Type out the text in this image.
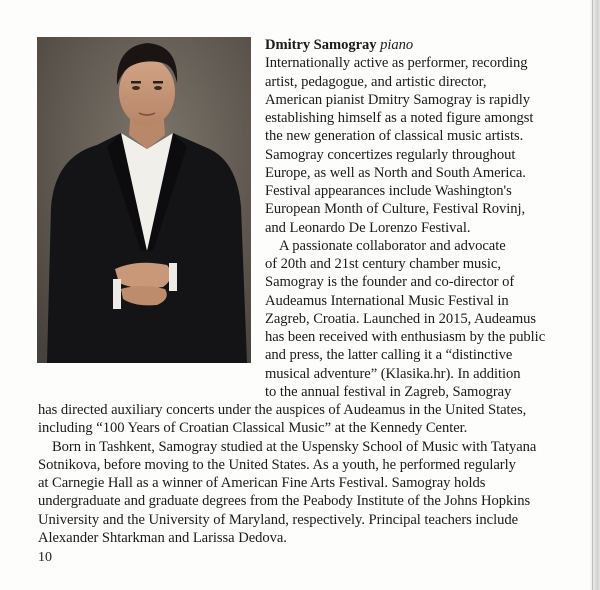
Dmitry Samogray piano
Internationally active as performer, recording
artist, pedagogue, and artistic director,
American pianist Dmitry Samogray is rapidly
establishing himself as a noted figure amongst
the new generation of classical music artists.
Samogray concertizes regularly throughout
Europe, as well as North and South America.
Festival appearances include Washington's
European Month of Culture, Festival Rovinj,
and Leonardo De Lorenzo Festival.
A passionate collaborator and advocate
of 20th and 21st century chamber music,
Samogray is the founder and co-director of
Audeamus International Music Festival in
Zagreb, Croatia. Launched in 2015, Audeamus
has been received with enthusiasm by the public
and press, the latter calling it a “distinctive
musical adventure” (Klasika.hr). In addition
to the annual festival in Zagreb, Samogray
has directed auxiliary concerts under the auspices of Audeamus in the United States,
including “100 Years of Croatian Classical Music” at the Kennedy Center.
Born in Tashkent, Samogray studied at the Uspensky School of Music with Tatyana
Sotnikova, before moving to the United States. As a youth, he performed regularly
at Carnegie Hall as a winner of American Fine Arts Festival. Samogray holds
undergraduate and graduate degrees from the Peabody Institute of the Johns Hopkins
University and the University of Maryland, respectively. Principal teachers include
Alexander Shtarkman and Larissa Dedova.
10
